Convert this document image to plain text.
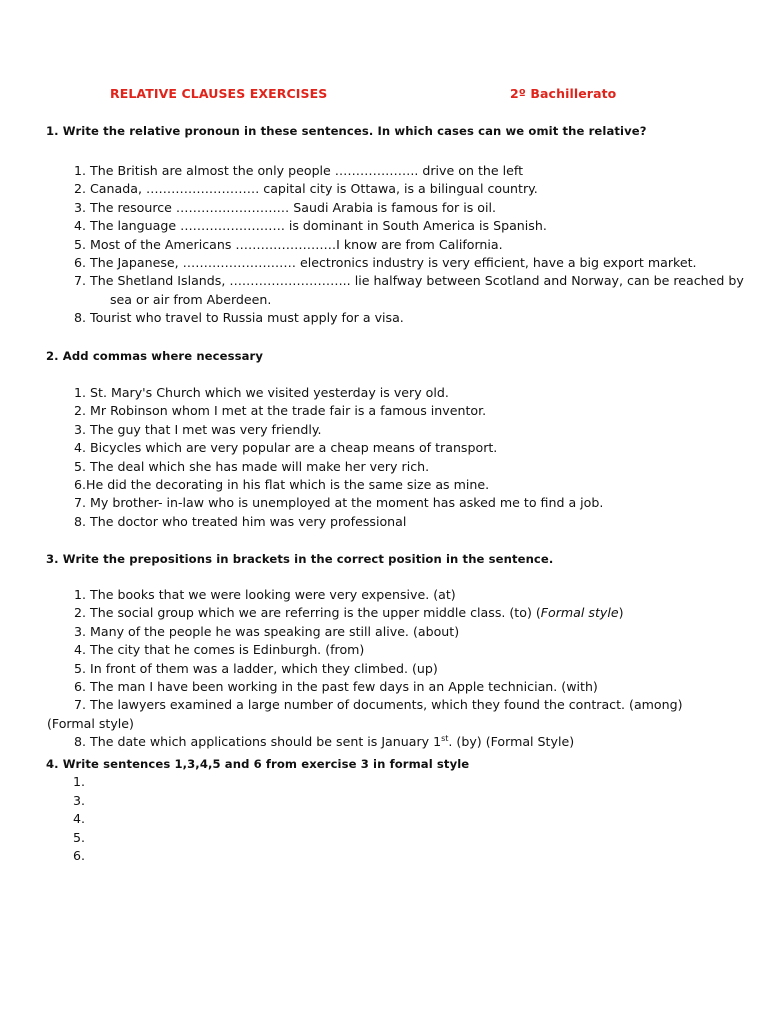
RELATIVE CLAUSES EXERCISES	2º Bachillerato
1. Write the relative pronoun in these sentences. In which cases can we omit the relative?
1. The British are almost the only people ……………….. drive on the left
2. Canada, ……………………… capital city is Ottawa, is a bilingual country.
3. The resource ……………………… Saudi Arabia is famous for is oil.
4. The language ……………………. is dominant in South America is Spanish.
5. Most of the Americans ……………………I know are from California.
6. The Japanese, ……………………… electronics industry is very efficient, have a big export market.
7. The Shetland Islands, ……………………….. lie halfway between Scotland and Norway, can be reached by
sea or air from Aberdeen.
8. Tourist who travel to Russia must apply for a visa.
2. Add commas where necessary
1. St. Mary's Church which we visited yesterday is very old.
2. Mr Robinson whom I met at the trade fair is a famous inventor.
3. The guy that I met was very friendly.
4. Bicycles which are very popular are a cheap means of transport.
5. The deal which she has made will make her very rich.
6.He did the decorating in his flat which is the same size as mine.
7. My brother- in-law who is unemployed at the moment has asked me to find a job.
8. The doctor who treated him was very professional
3. Write the prepositions in brackets in the correct position in the sentence.
1. The books that we were looking were very expensive. (at)
2. The social group which we are referring is the upper middle class. (to) (Formal style)
3. Many of the people he was speaking are still alive. (about)
4. The city that he comes is Edinburgh. (from)
5. In front of them was a ladder, which they climbed. (up)
6. The man I have been working in the past few days in an Apple technician. (with)
7. The lawyers examined a large number of documents, which they found the contract. (among)
(Formal style)
8. The date which applications should be sent is January 1st. (by) (Formal Style)
4. Write sentences 1,3,4,5 and 6 from exercise 3 in formal style
1.
3.
4.
5.
6.
